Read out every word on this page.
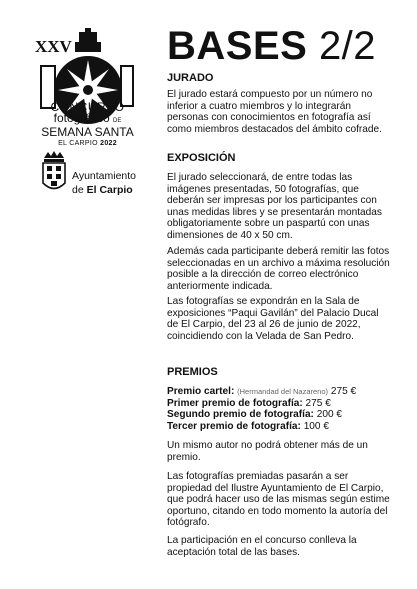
XXV
CONCURSO
fotográfico DE
SEMANA SANTA
EL CARPIO 2022
Ayuntamiento
de El Carpio
BASES 2/2
JURADO
El jurado estará compuesto por un número no inferior a cuatro miembros y lo integrarán personas con conocimientos en fotografía así como miembros destacados del ámbito cofrade.
EXPOSICIÓN
El jurado seleccionará, de entre todas las imágenes presentadas, 50 fotografías, que deberán ser impresas por los participantes con unas medidas libres y se presentarán montadas obligatoriamente sobre un paspartú con unas dimensiones de 40 x 50 cm.
Además cada participante deberá remitir las fotos seleccionadas en un archivo a máxima resolución posible a la dirección de correo electrónico anteriormente indicada.
Las fotografías se expondrán en la Sala de exposiciones “Paqui Gavilán” del Palacio Ducal de El Carpio, del 23 al 26 de junio de 2022, coincidiendo con la Velada de San Pedro.
PREMIOS
Premio cartel: (Hermandad del Nazareno) 275 €
Primer premio de fotografía: 275 €
Segundo premio de fotografía: 200 €
Tercer premio de fotografía: 100 €
Un mismo autor no podrá obtener más de un premio.
Las fotografías premiadas pasarán a ser propiedad del Ilustre Ayuntamiento de El Carpio, que podrá hacer uso de las mismas según estime oportuno, citando en todo momento la autoría del fotógrafo.
La participación en el concurso conlleva la aceptación total de las bases.
